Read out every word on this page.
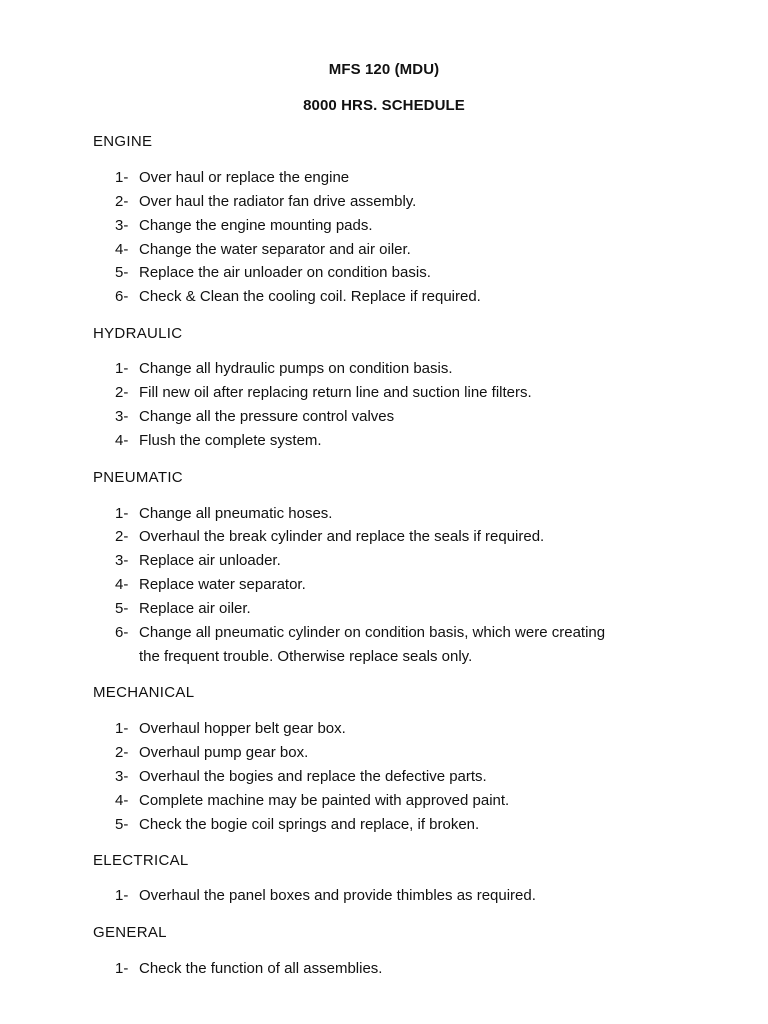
MFS 120 (MDU)
8000 HRS. SCHEDULE
ENGINE
1- Over haul or replace the engine
2- Over haul the radiator fan drive assembly.
3- Change the engine mounting pads.
4- Change the water separator and air oiler.
5- Replace the air unloader on condition basis.
6- Check & Clean the cooling coil. Replace if required.
HYDRAULIC
1- Change all hydraulic pumps on condition basis.
2- Fill new oil after replacing return line and suction line filters.
3- Change all the pressure control valves
4- Flush the complete system.
PNEUMATIC
1- Change all pneumatic hoses.
2- Overhaul the break cylinder and replace the seals if required.
3- Replace air unloader.
4- Replace water separator.
5- Replace air oiler.
6- Change all pneumatic cylinder on condition basis, which were creating
the frequent trouble. Otherwise replace seals only.
MECHANICAL
1- Overhaul hopper belt gear box.
2- Overhaul pump gear box.
3- Overhaul the bogies and replace the defective parts.
4- Complete machine may be painted with approved paint.
5- Check the bogie coil springs and replace, if broken.
ELECTRICAL
1- Overhaul the panel boxes and provide thimbles as required.
GENERAL
1- Check the function of all assemblies.
